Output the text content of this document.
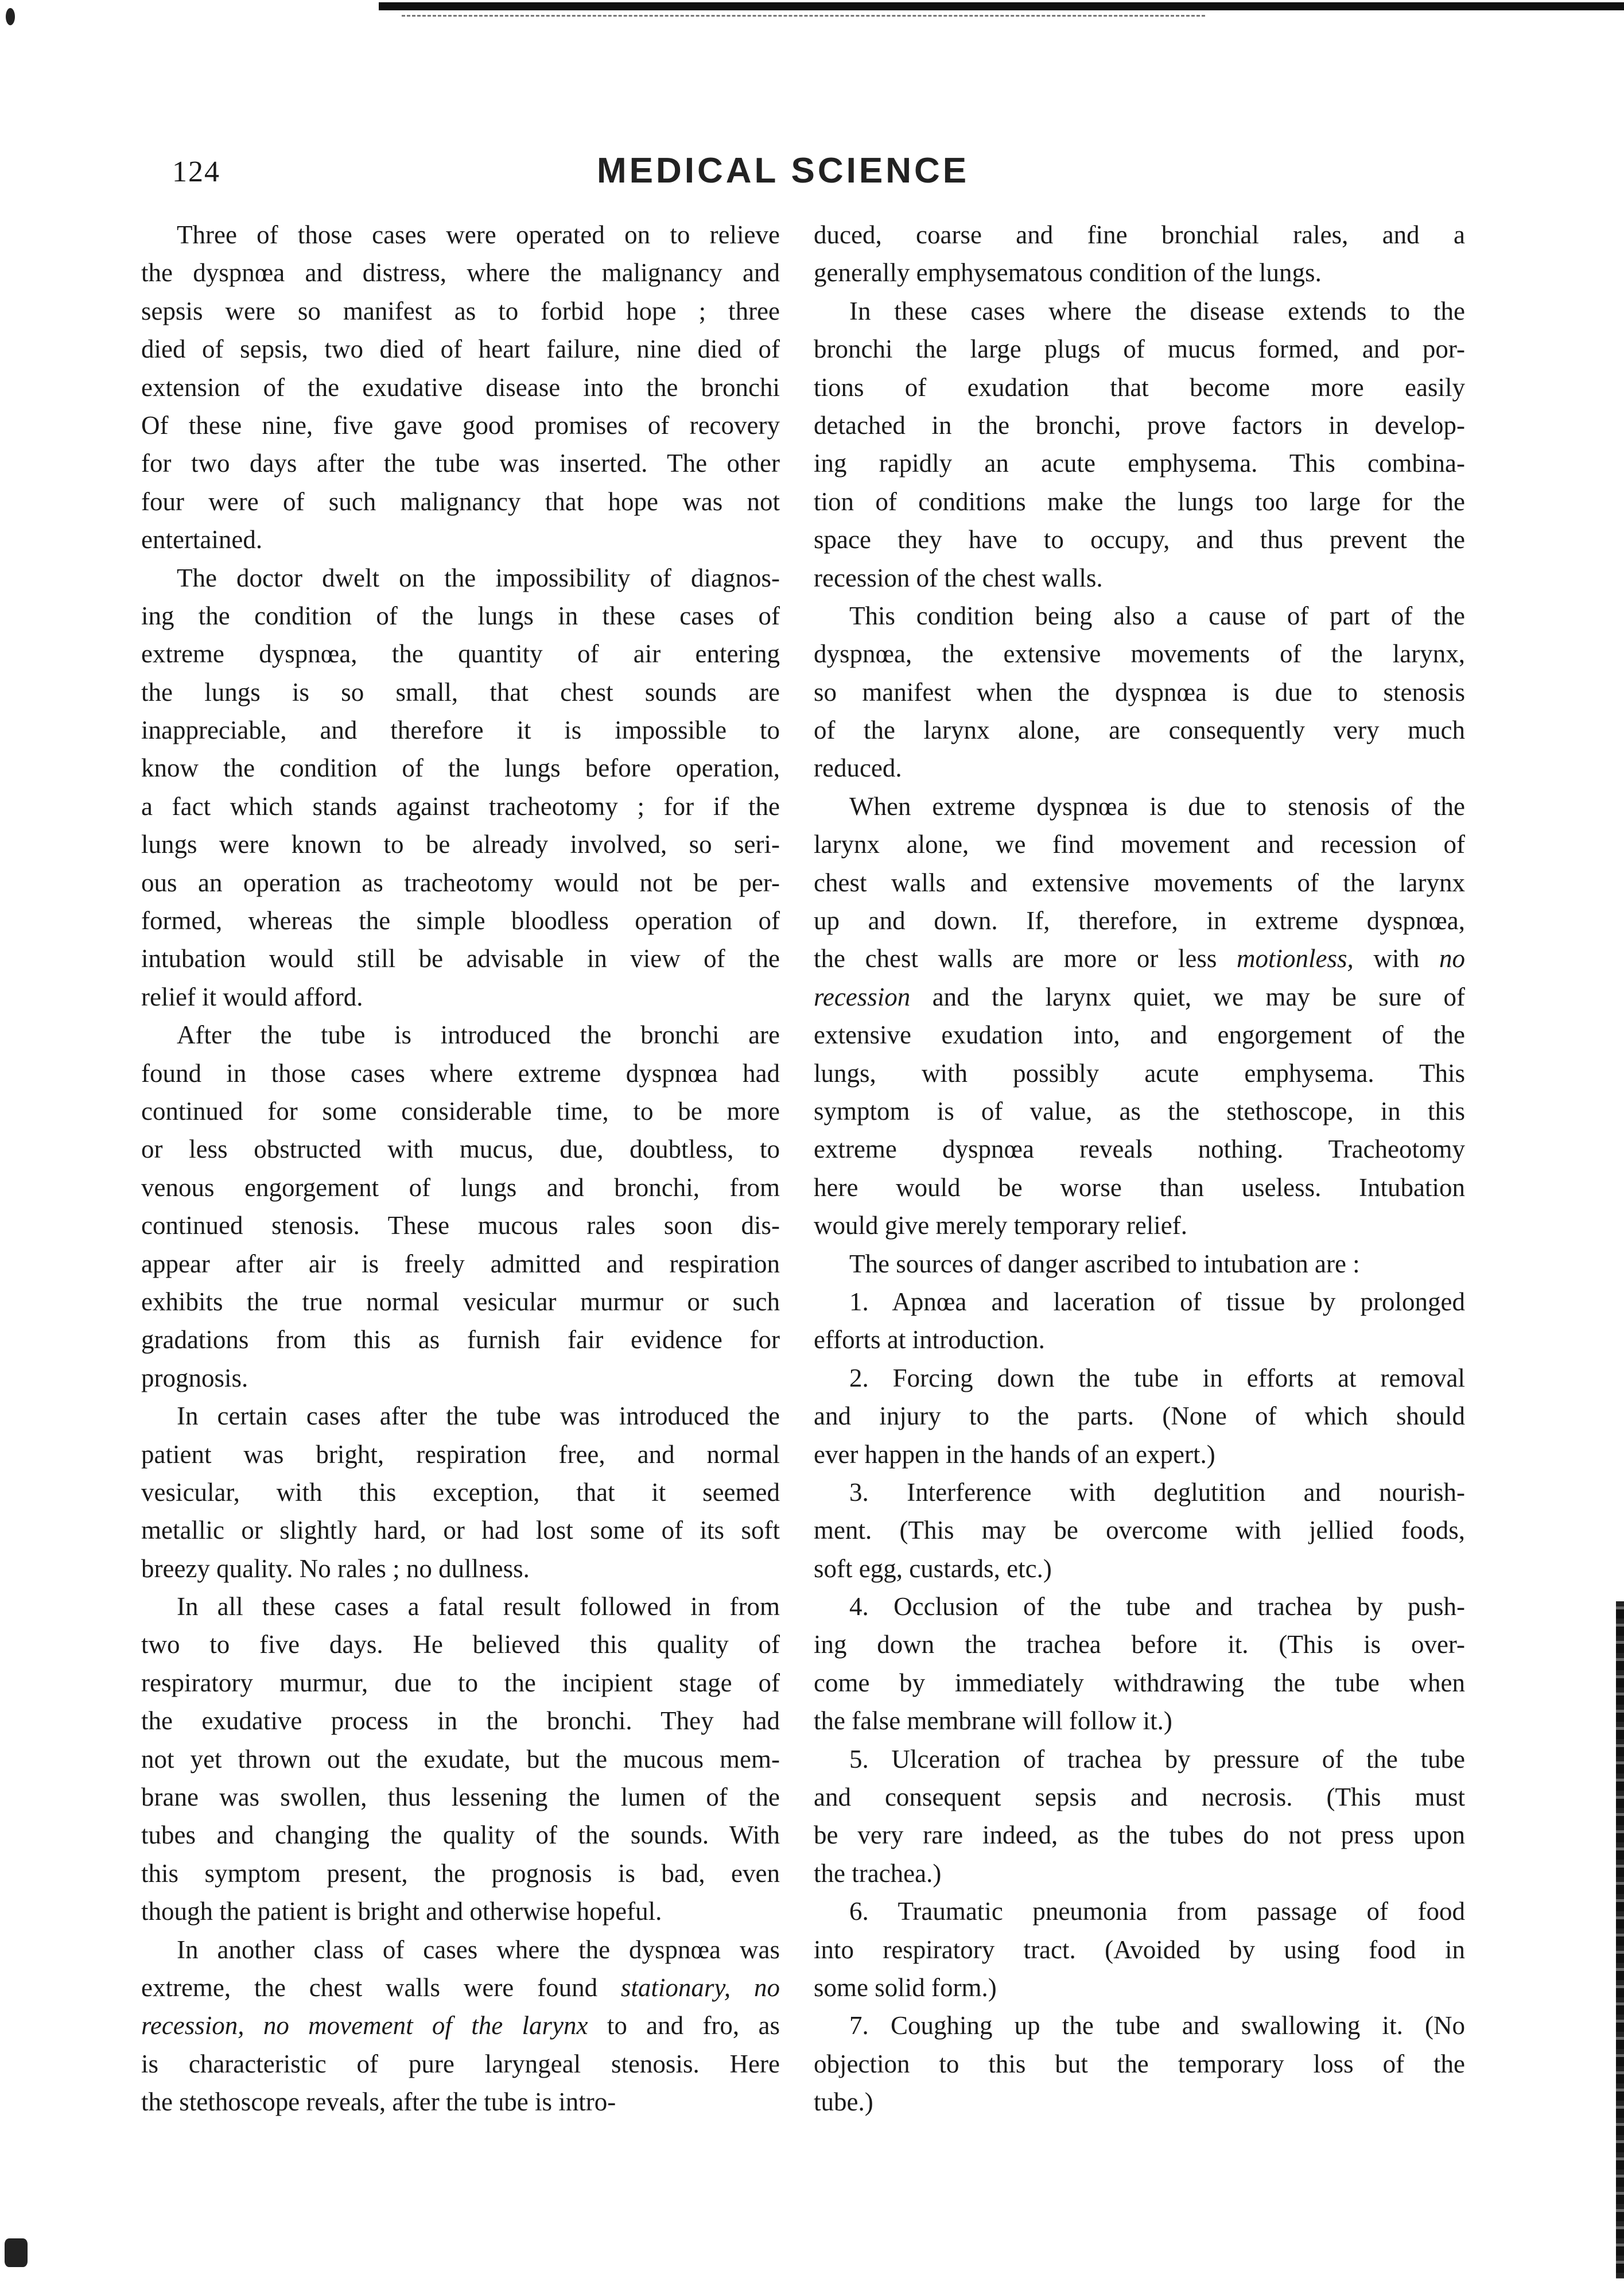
124	MEDICAL SCIENCE
Three of those cases were operated on to relieve
the dyspnœa and distress, where the malignancy and
sepsis were so manifest as to forbid hope ; three
died of sepsis, two died of heart failure, nine died of
extension of the exudative disease into the bronchi
Of these nine, five gave good promises of recovery
for two days after the tube was inserted. The other
four were of such malignancy that hope was not
entertained.
The doctor dwelt on the impossibility of diagnos-
ing the condition of the lungs in these cases of
extreme dyspnœa, the quantity of air entering
the lungs is so small, that chest sounds are
inappreciable, and therefore it is impossible to
know the condition of the lungs before operation,
a fact which stands against tracheotomy ; for if the
lungs were known to be already involved, so seri-
ous an operation as tracheotomy would not be per-
formed, whereas the simple bloodless operation of
intubation would still be advisable in view of the
relief it would afford.
After the tube is introduced the bronchi are
found in those cases where extreme dyspnœa had
continued for some considerable time, to be more
or less obstructed with mucus, due, doubtless, to
venous engorgement of lungs and bronchi, from
continued stenosis. These mucous rales soon dis-
appear after air is freely admitted and respiration
exhibits the true normal vesicular murmur or such
gradations from this as furnish fair evidence for
prognosis.
In certain cases after the tube was introduced the
patient was bright, respiration free, and normal
vesicular, with this exception, that it seemed
metallic or slightly hard, or had lost some of its soft
breezy quality. No rales ; no dullness.
In all these cases a fatal result followed in from
two to five days. He believed this quality of
respiratory murmur, due to the incipient stage of
the exudative process in the bronchi. They had
not yet thrown out the exudate, but the mucous mem-
brane was swollen, thus lessening the lumen of the
tubes and changing the quality of the sounds. With
this symptom present, the prognosis is bad, even
though the patient is bright and otherwise hopeful.
In another class of cases where the dyspnœa was
extreme, the chest walls were found stationary, no
recession, no movement of the larynx to and fro, as
is characteristic of pure laryngeal stenosis. Here
the stethoscope reveals, after the tube is intro-
duced, coarse and fine bronchial rales, and a
generally emphysematous condition of the lungs.
In these cases where the disease extends to the
bronchi the large plugs of mucus formed, and por-
tions of exudation that become more easily
detached in the bronchi, prove factors in develop-
ing rapidly an acute emphysema. This combina-
tion of conditions make the lungs too large for the
space they have to occupy, and thus prevent the
recession of the chest walls.
This condition being also a cause of part of the
dyspnœa, the extensive movements of the larynx,
so manifest when the dyspnœa is due to stenosis
of the larynx alone, are consequently very much
reduced.
When extreme dyspnœa is due to stenosis of the
larynx alone, we find movement and recession of
chest walls and extensive movements of the larynx
up and down. If, therefore, in extreme dyspnœa,
the chest walls are more or less motionless, with no
recession and the larynx quiet, we may be sure of
extensive exudation into, and engorgement of the
lungs, with possibly acute emphysema. This
symptom is of value, as the stethoscope, in this
extreme dyspnœa reveals nothing. Tracheotomy
here would be worse than useless. Intubation
would give merely temporary relief.
The sources of danger ascribed to intubation are :
1. Apnœa and laceration of tissue by prolonged
efforts at introduction.
2. Forcing down the tube in efforts at removal
and injury to the parts. (None of which should
ever happen in the hands of an expert.)
3. Interference with deglutition and nourish-
ment. (This may be overcome with jellied foods,
soft egg, custards, etc.)
4. Occlusion of the tube and trachea by push-
ing down the trachea before it. (This is over-
come by immediately withdrawing the tube when
the false membrane will follow it.)
5. Ulceration of trachea by pressure of the tube
and consequent sepsis and necrosis. (This must
be very rare indeed, as the tubes do not press upon
the trachea.)
6. Traumatic pneumonia from passage of food
into respiratory tract. (Avoided by using food in
some solid form.)
7. Coughing up the tube and swallowing it. (No
objection to this but the temporary loss of the
tube.)
